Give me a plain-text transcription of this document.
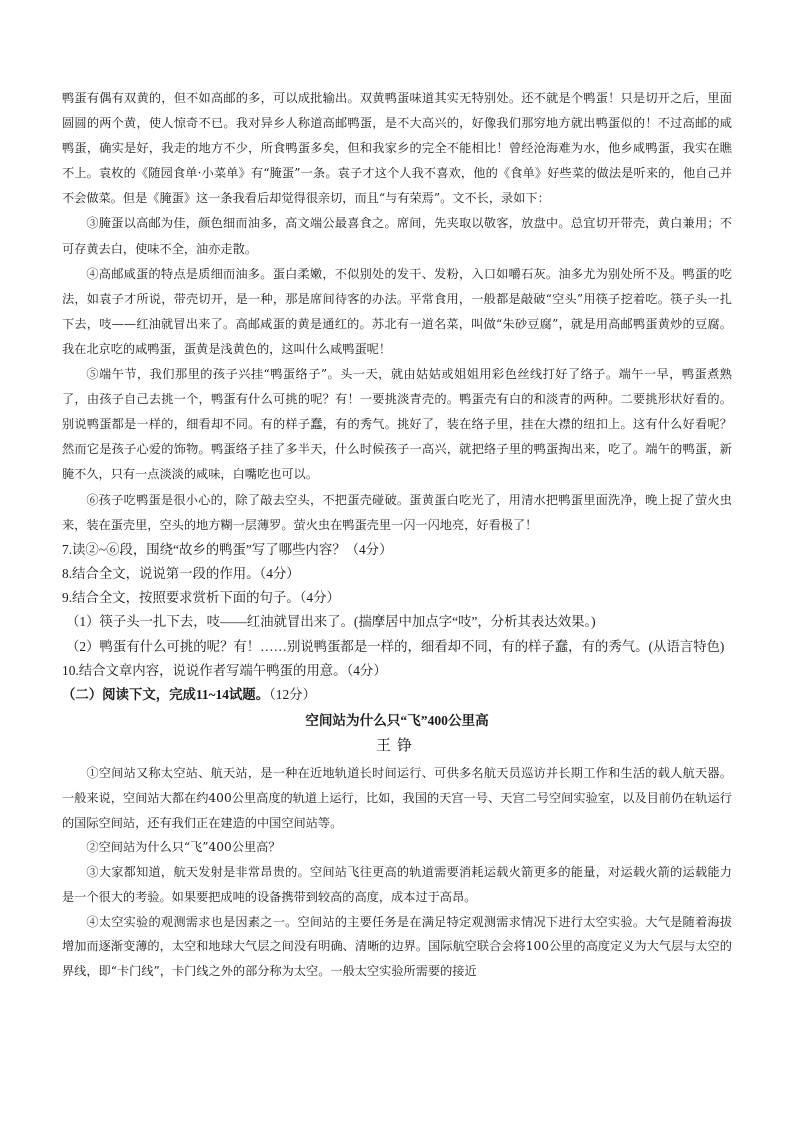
鸭蛋有偶有双黄的，但不如高邮的多，可以成批输出。双黄鸭蛋味道其实无特别处。还不就是个鸭蛋！只是切开之后，里面圆圆的两个黄，使人惊奇不已。我对异乡人称道高邮鸭蛋，是不大高兴的，好像我们那穷地方就出鸭蛋似的！不过高邮的咸鸭蛋，确实是好，我走的地方不少，所食鸭蛋多矣，但和我家乡的完全不能相比！曾经沧海难为水，他乡咸鸭蛋，我实在瞧不上。袁枚的《随园食单·小菜单》有“腌蛋”一条。袁子才这个人我不喜欢，他的《食单》好些菜的做法是听来的，他自己并不会做菜。但是《腌蛋》这一条我看后却觉得很亲切，而且“与有荣焉”。文不长，录如下：

③腌蛋以高邮为佳，颜色细而油多，高文端公最喜食之。席间，先夹取以敬客，放盘中。总宜切开带壳，黄白兼用；不可存黄去白，使味不全，油亦走散。

④高邮咸蛋的特点是质细而油多。蛋白柔嫩，不似别处的发干、发粉，入口如嚼石灰。油多尤为别处所不及。鸭蛋的吃法，如袁子才所说，带壳切开，是一种，那是席间待客的办法。平常食用，一般都是敲破“空头”用筷子挖着吃。筷子头一扎下去，吱——红油就冒出来了。高邮咸蛋的黄是通红的。苏北有一道名菜，叫做“朱砂豆腐”，就是用高邮鸭蛋黄炒的豆腐。我在北京吃的咸鸭蛋，蛋黄是浅黄色的，这叫什么咸鸭蛋呢！

⑤端午节，我们那里的孩子兴挂“鸭蛋络子”。头一天，就由姑姑或姐姐用彩色丝线打好了络子。端午一早，鸭蛋煮熟了，由孩子自己去挑一个，鸭蛋有什么可挑的呢？有！一要挑淡青壳的。鸭蛋壳有白的和淡青的两种。二要挑形状好看的。别说鸭蛋都是一样的，细看却不同。有的样子蠢，有的秀气。挑好了，装在络子里，挂在大襟的纽扣上。这有什么好看呢？然而它是孩子心爱的饰物。鸭蛋络子挂了多半天，什么时候孩子一高兴，就把络子里的鸭蛋掏出来，吃了。端午的鸭蛋，新腌不久，只有一点淡淡的咸味，白嘴吃也可以。

⑥孩子吃鸭蛋是很小心的，除了敲去空头，不把蛋壳碰破。蛋黄蛋白吃光了，用清水把鸭蛋里面洗净，晚上捉了萤火虫来，装在蛋壳里，空头的地方糊一层薄罗。萤火虫在鸭蛋壳里一闪一闪地亮，好看极了！

7.读②~⑥段，围绕“故乡的鸭蛋”写了哪些内容？（4分）

8.结合全文，说说第一段的作用。（4分）

9.结合全文，按照要求赏析下面的句子。（4分）

（1）筷子头一扎下去，吱——红油就冒出来了。(揣摩居中加点字“吱”，分析其表达效果。)

（2）鸭蛋有什么可挑的呢？有！……别说鸭蛋都是一样的，细看却不同，有的样子蠢，有的秀气。(从语言特色)

10.结合文章内容，说说作者写端午鸭蛋的用意。（4分）

（二）阅读下文，完成11~14试题。（12分）

空间站为什么只“飞”400公里高

王铮

①空间站又称太空站、航天站，是一种在近地轨道长时间运行、可供多名航天员巡访并长期工作和生活的载人航天器。一般来说，空间站大都在约400公里高度的轨道上运行，比如，我国的天宫一号、天宫二号空间实验室，以及目前仍在轨运行的国际空间站，还有我们正在建造的中国空间站等。

②空间站为什么只“飞”400公里高？

③大家都知道，航天发射是非常昂贵的。空间站飞往更高的轨道需要消耗运载火箭更多的能量，对运载火箭的运载能力是一个很大的考验。如果要把成吨的设备携带到较高的高度，成本过于高昂。

④太空实验的观测需求也是因素之一。空间站的主要任务是在满足特定观测需求情况下进行太空实验。大气是随着海拔增加而逐渐变薄的，太空和地球大气层之间没有明确、清晰的边界。国际航空联合会将100公里的高度定义为大气层与太空的界线，即“卡门线”，卡门线之外的部分称为太空。一般太空实验所需要的接近
